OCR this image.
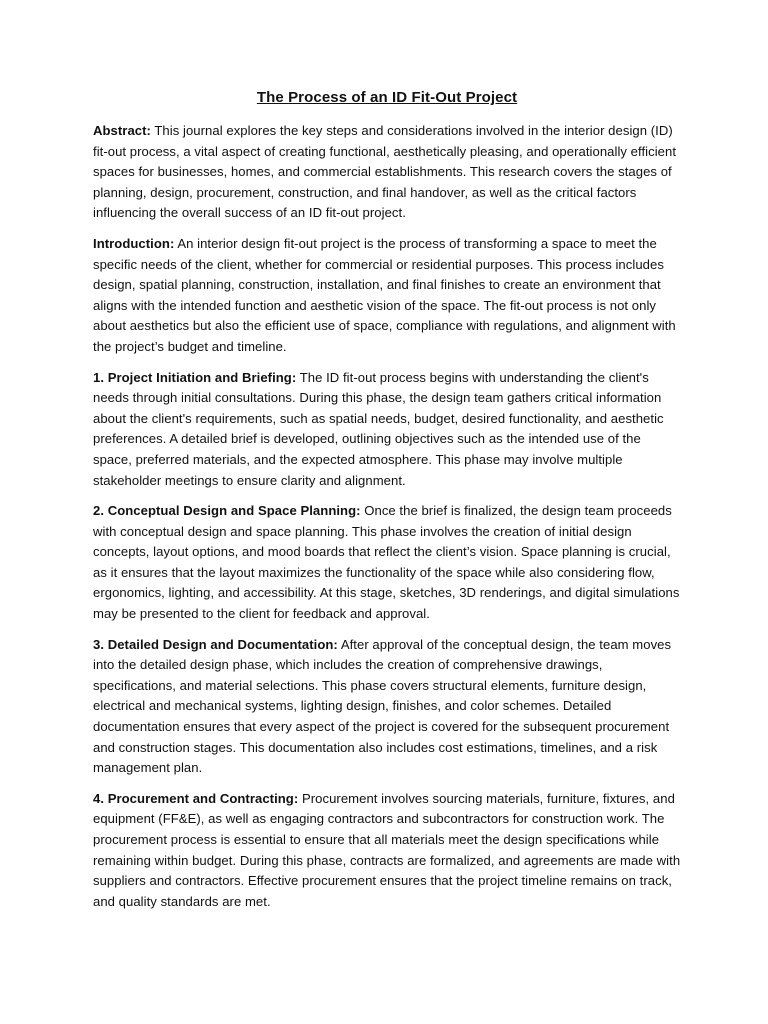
The Process of an ID Fit-Out Project

Abstract: This journal explores the key steps and considerations involved in the interior design (ID) fit-out process, a vital aspect of creating functional, aesthetically pleasing, and operationally efficient spaces for businesses, homes, and commercial establishments. This research covers the stages of planning, design, procurement, construction, and final handover, as well as the critical factors influencing the overall success of an ID fit-out project.

Introduction: An interior design fit-out project is the process of transforming a space to meet the specific needs of the client, whether for commercial or residential purposes. This process includes design, spatial planning, construction, installation, and final finishes to create an environment that aligns with the intended function and aesthetic vision of the space. The fit-out process is not only about aesthetics but also the efficient use of space, compliance with regulations, and alignment with the project’s budget and timeline.

1. Project Initiation and Briefing: The ID fit-out process begins with understanding the client's needs through initial consultations. During this phase, the design team gathers critical information about the client's requirements, such as spatial needs, budget, desired functionality, and aesthetic preferences. A detailed brief is developed, outlining objectives such as the intended use of the space, preferred materials, and the expected atmosphere. This phase may involve multiple stakeholder meetings to ensure clarity and alignment.

2. Conceptual Design and Space Planning: Once the brief is finalized, the design team proceeds with conceptual design and space planning. This phase involves the creation of initial design concepts, layout options, and mood boards that reflect the client’s vision. Space planning is crucial, as it ensures that the layout maximizes the functionality of the space while also considering flow, ergonomics, lighting, and accessibility. At this stage, sketches, 3D renderings, and digital simulations may be presented to the client for feedback and approval.

3. Detailed Design and Documentation: After approval of the conceptual design, the team moves into the detailed design phase, which includes the creation of comprehensive drawings, specifications, and material selections. This phase covers structural elements, furniture design, electrical and mechanical systems, lighting design, finishes, and color schemes. Detailed documentation ensures that every aspect of the project is covered for the subsequent procurement and construction stages. This documentation also includes cost estimations, timelines, and a risk management plan.

4. Procurement and Contracting: Procurement involves sourcing materials, furniture, fixtures, and equipment (FF&E), as well as engaging contractors and subcontractors for construction work. The procurement process is essential to ensure that all materials meet the design specifications while remaining within budget. During this phase, contracts are formalized, and agreements are made with suppliers and contractors. Effective procurement ensures that the project timeline remains on track, and quality standards are met.
